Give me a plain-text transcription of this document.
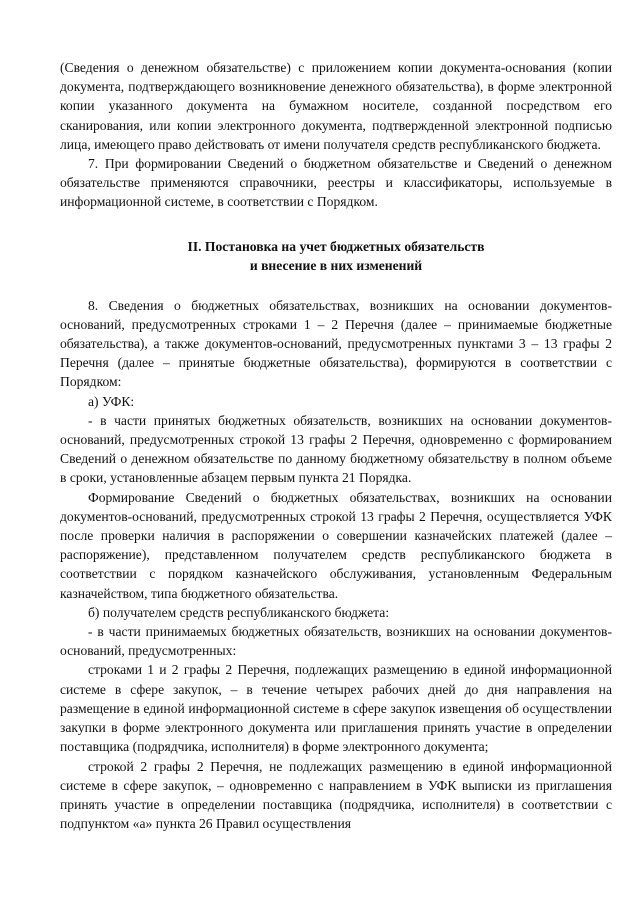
(Сведения о денежном обязательстве) с приложением копии документа-основания (копии документа, подтверждающего возникновение денежного обязательства), в форме электронной копии указанного документа на бумажном носителе, созданной посредством его сканирования, или копии электронного документа, подтвержденной электронной подписью лица, имеющего право действовать от имени получателя средств республиканского бюджета.

7. При формировании Сведений о бюджетном обязательстве и Сведений о денежном обязательстве применяются справочники, реестры и классификаторы, используемые в информационной системе, в соответствии с Порядком.

II. Постановка на учет бюджетных обязательств
и внесение в них изменений

8. Сведения о бюджетных обязательствах, возникших на основании документов-оснований, предусмотренных строками 1 – 2 Перечня (далее – принимаемые бюджетные обязательства), а также документов-оснований, предусмотренных пунктами 3 – 13 графы 2 Перечня (далее – принятые бюджетные обязательства), формируются в соответствии с Порядком:

а) УФК:

- в части принятых бюджетных обязательств, возникших на основании документов-оснований, предусмотренных строкой 13 графы 2 Перечня, одновременно с формированием Сведений о денежном обязательстве по данному бюджетному обязательству в полном объеме в сроки, установленные абзацем первым пункта 21 Порядка.

Формирование Сведений о бюджетных обязательствах, возникших на основании документов-оснований, предусмотренных строкой 13 графы 2 Перечня, осуществляется УФК после проверки наличия в распоряжении о совершении казначейских платежей (далее – распоряжение), представленном получателем средств республиканского бюджета в соответствии с порядком казначейского обслуживания, установленным Федеральным казначейством, типа бюджетного обязательства.

б) получателем средств республиканского бюджета:

- в части принимаемых бюджетных обязательств, возникших на основании документов-оснований, предусмотренных:

строками 1 и 2 графы 2 Перечня, подлежащих размещению в единой информационной системе в сфере закупок, – в течение четырех рабочих дней до дня направления на размещение в единой информационной системе в сфере закупок извещения об осуществлении закупки в форме электронного документа или приглашения принять участие в определении поставщика (подрядчика, исполнителя) в форме электронного документа;

строкой 2 графы 2 Перечня, не подлежащих размещению в единой информационной системе в сфере закупок, – одновременно с направлением в УФК выписки из приглашения принять участие в определении поставщика (подрядчика, исполнителя) в соответствии с подпунктом «а» пункта 26 Правил осуществления
